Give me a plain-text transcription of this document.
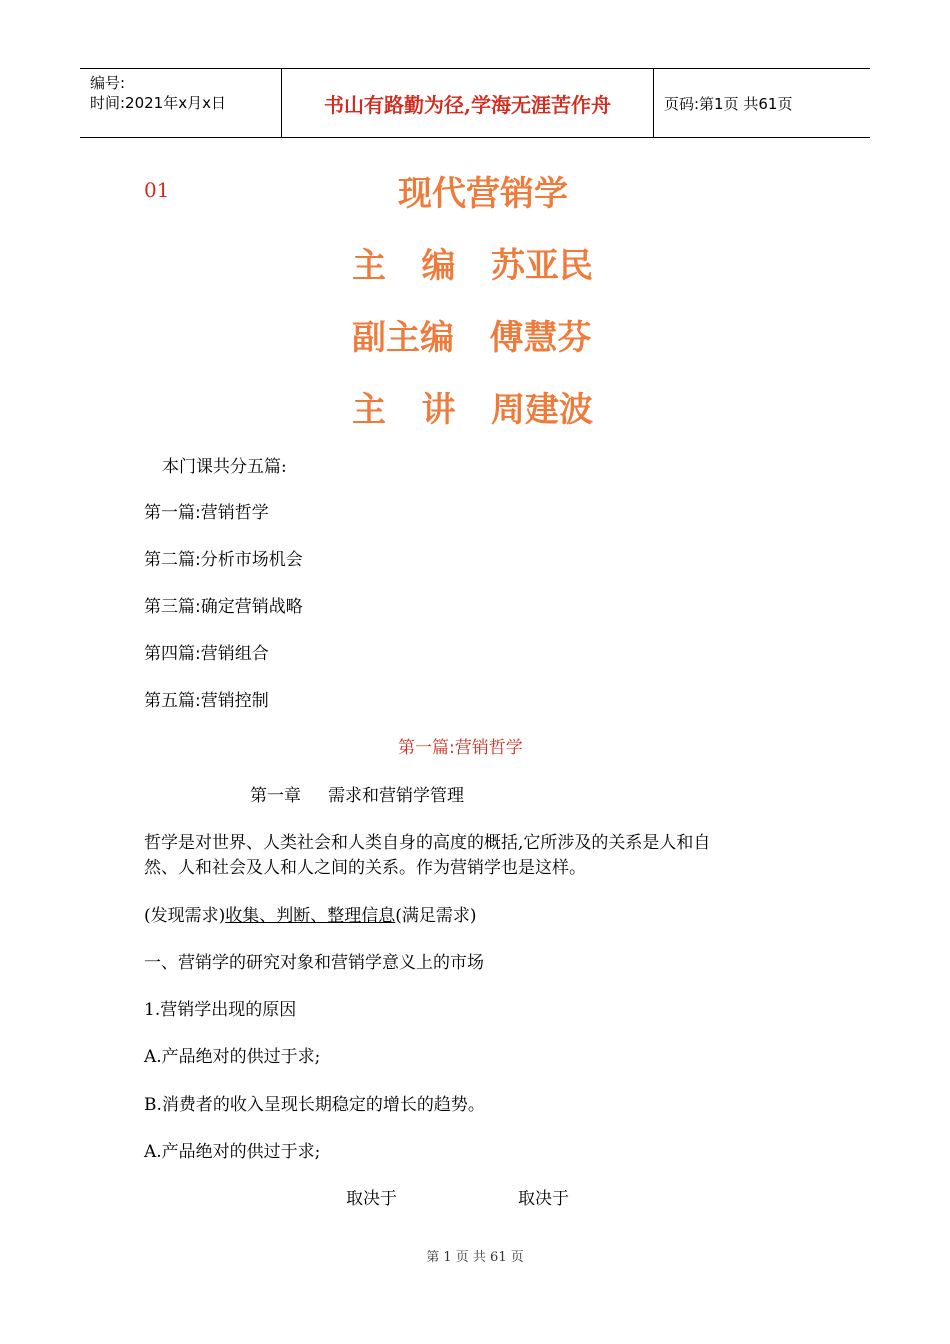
编号:
时间:2021年x月x日	书山有路勤为径,学海无涯苦作舟	页码:第1页 共61页
01	现代营销学
主   编   苏亚民
副主编   傅慧芬
主   讲   周建波
本门课共分五篇:
第一篇:营销哲学
第二篇:分析市场机会
第三篇:确定营销战略
第四篇:营销组合
第五篇:营销控制
第一篇:营销哲学
第一章     需求和营销学管理
哲学是对世界、人类社会和人类自身的高度的概括,它所涉及的关系是人和自
然、人和社会及人和人之间的关系。作为营销学也是这样。
(发现需求)收集、判断、整理信息(满足需求)
一、营销学的研究对象和营销学意义上的市场
1.营销学出现的原因
A.产品绝对的供过于求;
B.消费者的收入呈现长期稳定的增长的趋势。
A.产品绝对的供过于求;
取决于	取决于
第 1 页 共 61 页
